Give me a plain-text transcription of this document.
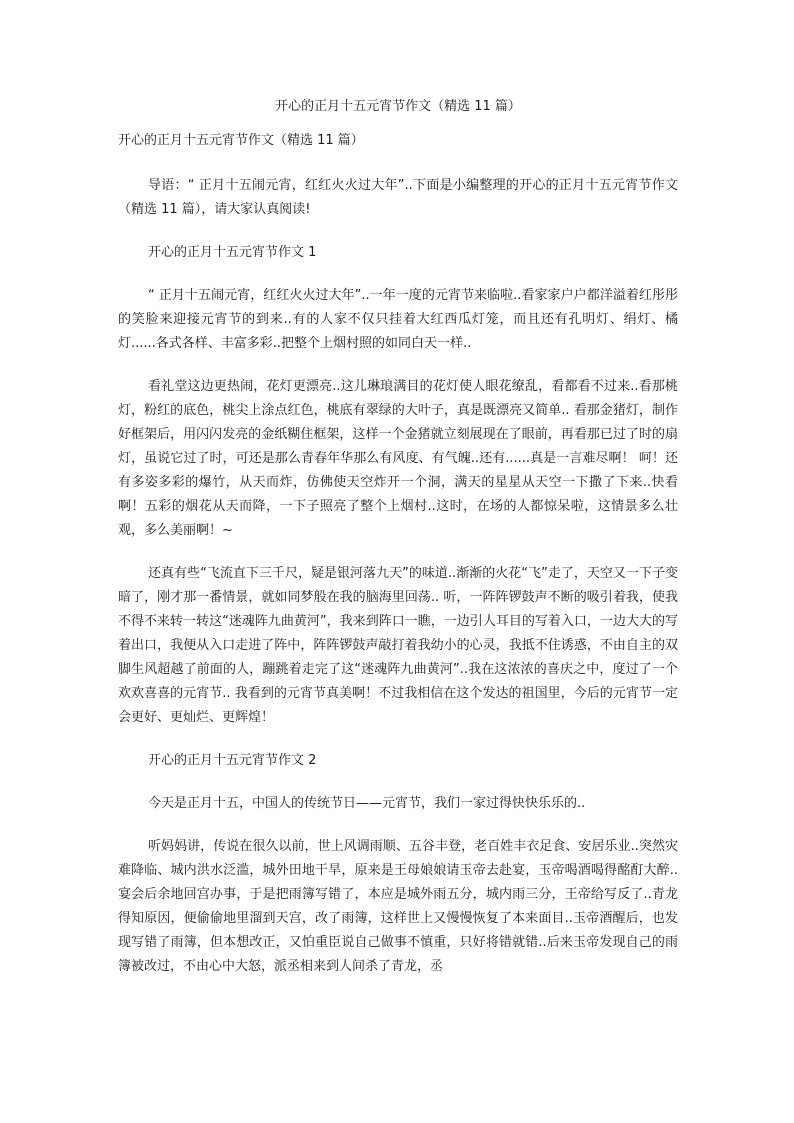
开心的正月十五元宵节作文（精选 11 篇）

开心的正月十五元宵节作文（精选 11 篇）

导语：“ 正月十五闹元宵，红红火火过大年”..下面是小编整理的开心的正月十五元宵节作文（精选 11 篇），请大家认真阅读!

开心的正月十五元宵节作文 1

“ 正月十五闹元宵，红红火火过大年”..一年一度的元宵节来临啦..看家家户户都洋溢着红彤彤的笑脸来迎接元宵节的到来..有的人家不仅只挂着大红西瓜灯笼，而且还有孔明灯、绢灯、橘灯......各式各样、丰富多彩..把整个上烟村照的如同白天一样..

看礼堂这边更热闹，花灯更漂亮..这儿琳琅满目的花灯使人眼花缭乱，看都看不过来..看那桃灯，粉红的底色，桃尖上涂点红色，桃底有翠绿的大叶子，真是既漂亮又简单.. 看那金猪灯，制作好框架后，用闪闪发亮的金纸糊住框架，这样一个金猪就立刻展现在了眼前，再看那已过了时的扇灯，虽说它过了时，可还是那么青春年华那么有风度、有气魄..还有......真是一言难尽啊！ 呵！还有多姿多彩的爆竹，从天而炸，仿佛使天空炸开一个洞，满天的星星从天空一下撒了下来..快看啊！五彩的烟花从天而降，一下子照亮了整个上烟村..这时，在场的人都惊呆啦，这情景多么壮观，多么美丽啊！~

还真有些“飞流直下三千尺，疑是银河落九天”的味道..渐渐的火花“飞”走了，天空又一下子变暗了，刚才那一番情景，就如同梦般在我的脑海里回荡.. 听，一阵阵锣鼓声不断的吸引着我，使我不得不来转一转这“迷魂阵九曲黄河”，我来到阵口一瞧，一边引人耳目的写着入口，一边大大的写着出口，我便从入口走进了阵中，阵阵锣鼓声敲打着我幼小的心灵，我抵不住诱惑，不由自主的双脚生风超越了前面的人，蹦跳着走完了这“迷魂阵九曲黄河”..我在这浓浓的喜庆之中，度过了一个欢欢喜喜的元宵节.. 我看到的元宵节真美啊！不过我相信在这个发达的祖国里，今后的元宵节一定会更好、更灿烂、更辉煌！

开心的正月十五元宵节作文 2

今天是正月十五，中国人的传统节日——元宵节，我们一家过得快快乐乐的..

听妈妈讲，传说在很久以前，世上风调雨顺、五谷丰登，老百姓丰衣足食、安居乐业..突然灾难降临、城内洪水泛滥，城外田地干旱，原来是王母娘娘请玉帝去赴宴，玉帝喝酒喝得酩酊大醉..宴会后余地回宫办事，于是把雨簿写错了，本应是城外雨五分，城内雨三分，王帝给写反了..青龙得知原因，便偷偷地里溜到天宫，改了雨簿，这样世上又慢慢恢复了本来面目..玉帝酒醒后，也发现写错了雨簿，但本想改正，又怕重臣说自己做事不慎重，只好将错就错..后来玉帝发现自己的雨簿被改过，不由心中大怒，派丞相来到人间杀了青龙，丞
